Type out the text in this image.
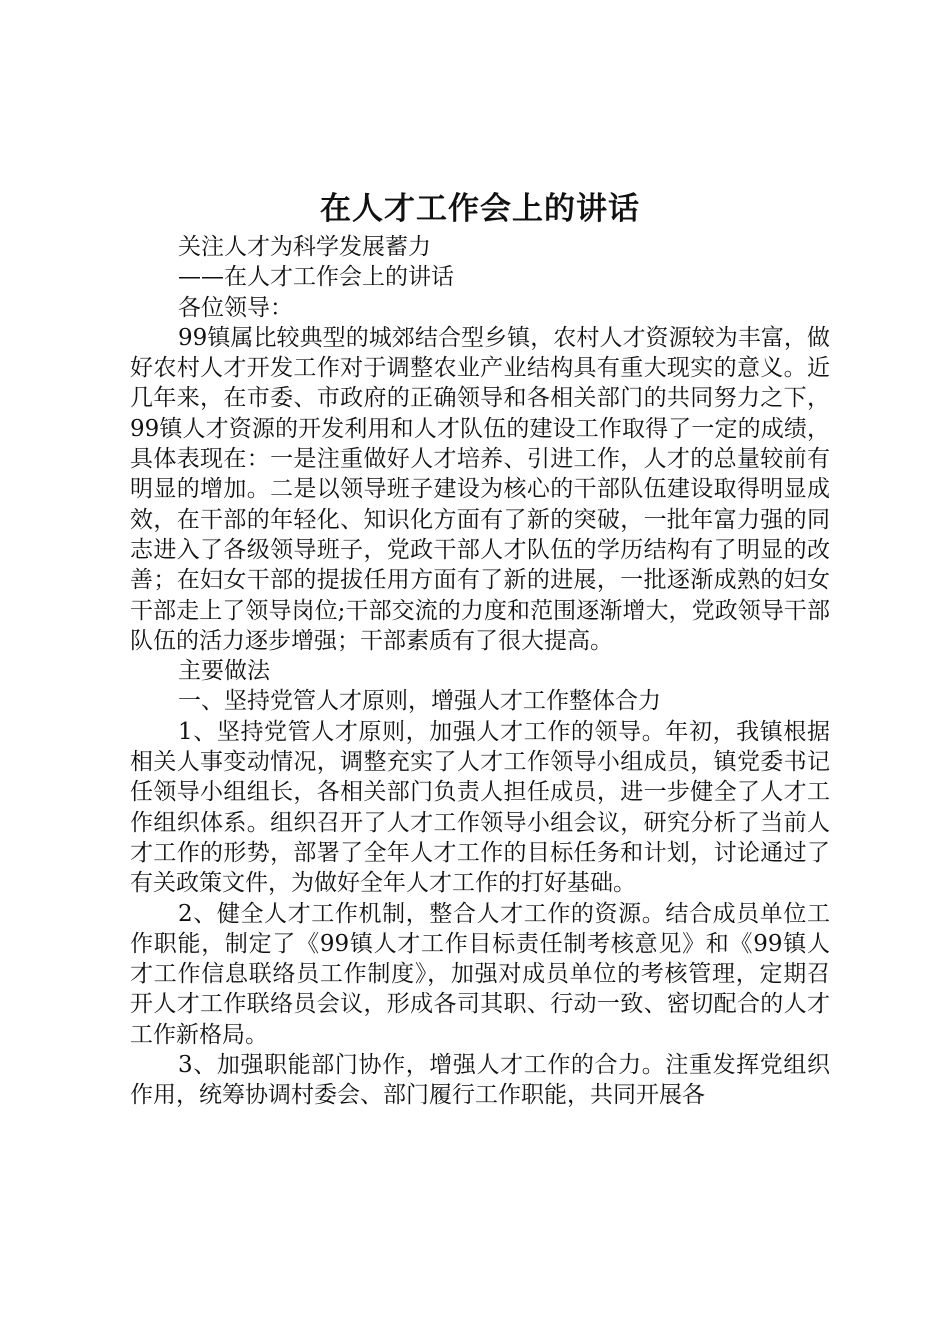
在人才工作会上的讲话

关注人才为科学发展蓄力

——在人才工作会上的讲话

各位领导：

99镇属比较典型的城郊结合型乡镇，农村人才资源较为丰富，做好农村人才开发工作对于调整农业产业结构具有重大现实的意义。近几年来，在市委、市政府的正确领导和各相关部门的共同努力之下，99镇人才资源的开发利用和人才队伍的建设工作取得了一定的成绩，具体表现在：一是注重做好人才培养、引进工作，人才的总量较前有明显的增加。二是以领导班子建设为核心的干部队伍建设取得明显成效，在干部的年轻化、知识化方面有了新的突破，一批年富力强的同志进入了各级领导班子，党政干部人才队伍的学历结构有了明显的改善；在妇女干部的提拔任用方面有了新的进展，一批逐渐成熟的妇女干部走上了领导岗位;干部交流的力度和范围逐渐增大，党政领导干部队伍的活力逐步增强；干部素质有了很大提高。

主要做法

一、坚持党管人才原则，增强人才工作整体合力

1、坚持党管人才原则，加强人才工作的领导。年初，我镇根据相关人事变动情况，调整充实了人才工作领导小组成员，镇党委书记任领导小组组长，各相关部门负责人担任成员，进一步健全了人才工作组织体系。组织召开了人才工作领导小组会议，研究分析了当前人才工作的形势，部署了全年人才工作的目标任务和计划，讨论通过了有关政策文件，为做好全年人才工作的打好基础。

2、健全人才工作机制，整合人才工作的资源。结合成员单位工作职能，制定了《99镇人才工作目标责任制考核意见》和《99镇人才工作信息联络员工作制度》，加强对成员单位的考核管理，定期召开人才工作联络员会议，形成各司其职、行动一致、密切配合的人才工作新格局。

3、加强职能部门协作，增强人才工作的合力。注重发挥党组织作用，统筹协调村委会、部门履行工作职能，共同开展各
